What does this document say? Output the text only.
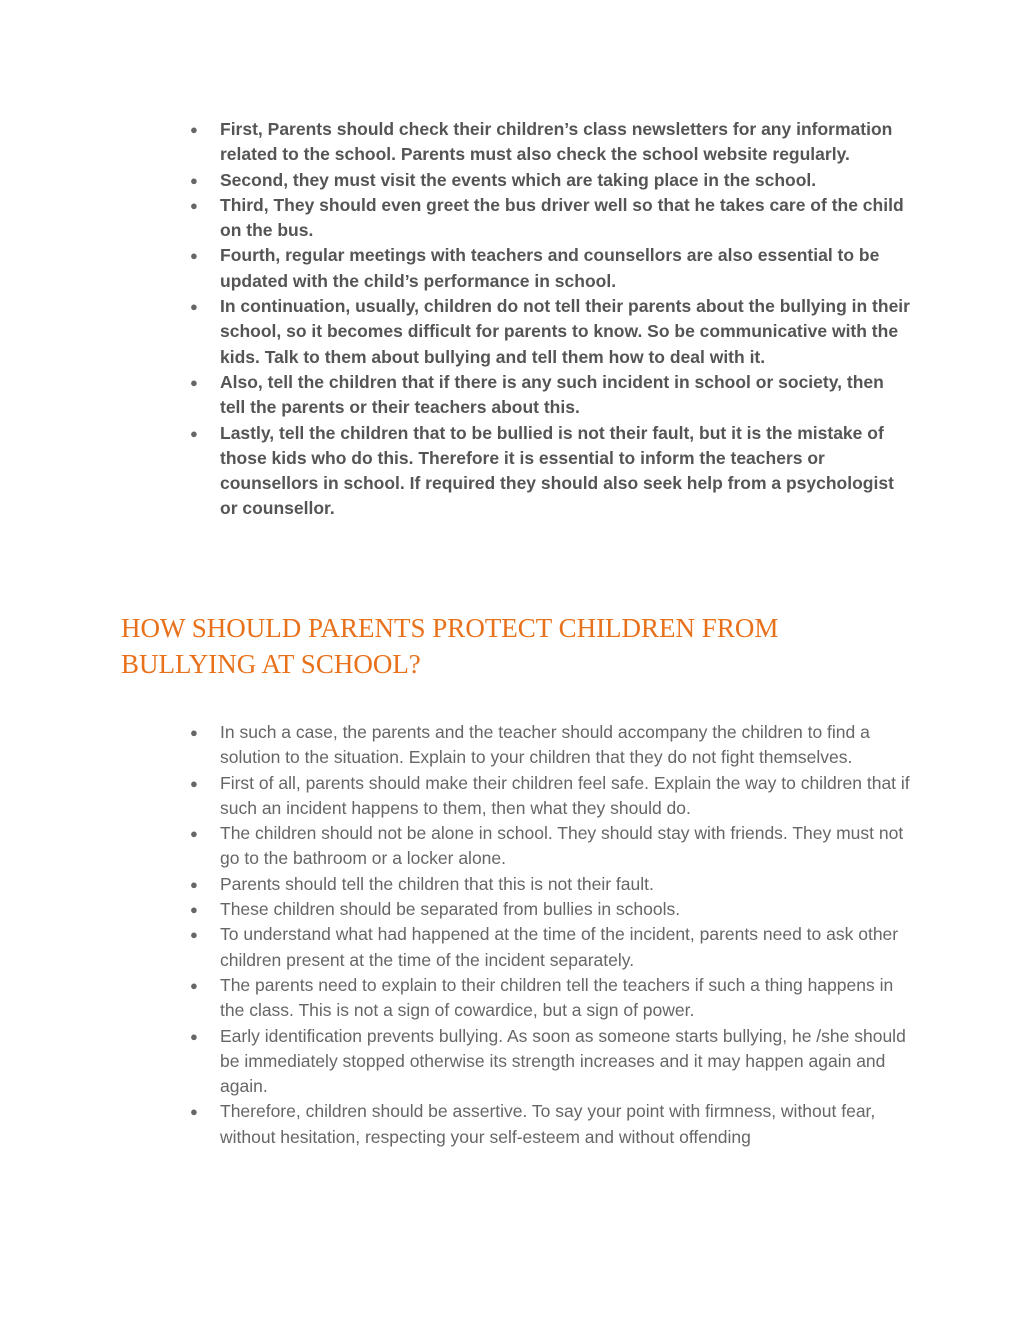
● First, Parents should check their children’s class newsletters for any information related to the school. Parents must also check the school website regularly.
● Second, they must visit the events which are taking place in the school.
● Third, They should even greet the bus driver well so that he takes care of the child on the bus.
● Fourth, regular meetings with teachers and counsellors are also essential to be updated with the child’s performance in school.
● In continuation, usually, children do not tell their parents about the bullying in their school, so it becomes difficult for parents to know. So be communicative with the kids. Talk to them about bullying and tell them how to deal with it.
● Also, tell the children that if there is any such incident in school or society, then tell the parents or their teachers about this.
● Lastly, tell the children that to be bullied is not their fault, but it is the mistake of those kids who do this. Therefore it is essential to inform the teachers or counsellors in school. If required they should also seek help from a psychologist or counsellor.
HOW SHOULD PARENTS PROTECT CHILDREN FROM BULLYING AT SCHOOL?
● In such a case, the parents and the teacher should accompany the children to find a solution to the situation. Explain to your children that they do not fight themselves.
● First of all, parents should make their children feel safe. Explain the way to children that if such an incident happens to them, then what they should do.
● The children should not be alone in school. They should stay with friends. They must not go to the bathroom or a locker alone.
● Parents should tell the children that this is not their fault.
● These children should be separated from bullies in schools.
● To understand what had happened at the time of the incident, parents need to ask other children present at the time of the incident separately.
● The parents need to explain to their children tell the teachers if such a thing happens in the class. This is not a sign of cowardice, but a sign of power.
● Early identification prevents bullying. As soon as someone starts bullying, he /she should be immediately stopped otherwise its strength increases and it may happen again and again.
● Therefore, children should be assertive. To say your point with firmness, without fear, without hesitation, respecting your self-esteem and without offending
